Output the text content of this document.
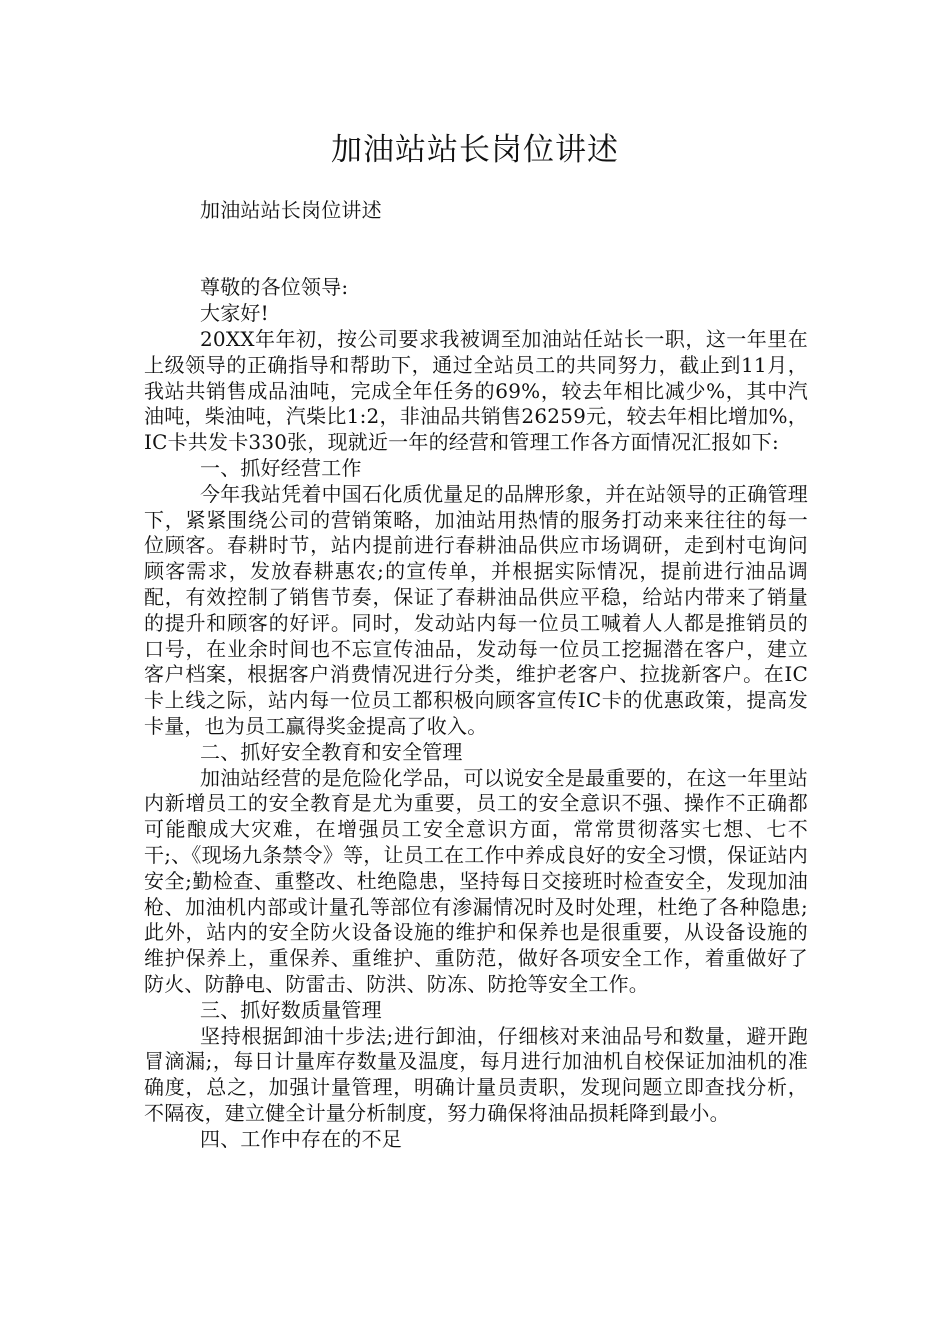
加油站站长岗位讲述

加油站站长岗位讲述

尊敬的各位领导:

大家好!

20XX年年初，按公司要求我被调至加油站任站长一职，这一年里在上级领导的正确指导和帮助下，通过全站员工的共同努力，截止到11月，我站共销售成品油吨，完成全年任务的69%，较去年相比减少%，其中汽油吨，柴油吨，汽柴比1:2，非油品共销售26259元，较去年相比增加%，IC卡共发卡330张，现就近一年的经营和管理工作各方面情况汇报如下:

一、抓好经营工作

今年我站凭着中国石化质优量足的品牌形象，并在站领导的正确管理下，紧紧围绕公司的营销策略，加油站用热情的服务打动来来往往的每一位顾客。春耕时节，站内提前进行春耕油品供应市场调研，走到村屯询问顾客需求，发放春耕惠农;的宣传单，并根据实际情况，提前进行油品调配，有效控制了销售节奏，保证了春耕油品供应平稳，给站内带来了销量的提升和顾客的好评。同时，发动站内每一位员工喊着人人都是推销员的口号，在业余时间也不忘宣传油品，发动每一位员工挖掘潜在客户，建立客户档案，根据客户消费情况进行分类，维护老客户、拉拢新客户。在IC卡上线之际，站内每一位员工都积极向顾客宣传IC卡的优惠政策，提高发卡量，也为员工赢得奖金提高了收入。

二、抓好安全教育和安全管理

加油站经营的是危险化学品，可以说安全是最重要的，在这一年里站内新增员工的安全教育是尤为重要，员工的安全意识不强、操作不正确都可能酿成大灾难，在增强员工安全意识方面，常常贯彻落实七想、七不干;、《现场九条禁令》等，让员工在工作中养成良好的安全习惯，保证站内安全;勤检查、重整改、杜绝隐患，坚持每日交接班时检查安全，发现加油枪、加油机内部或计量孔等部位有渗漏情况时及时处理，杜绝了各种隐患;此外，站内的安全防火设备设施的维护和保养也是很重要，从设备设施的维护保养上，重保养、重维护、重防范，做好各项安全工作，着重做好了防火、防静电、防雷击、防洪、防冻、防抢等安全工作。

三、抓好数质量管理

坚持根据卸油十步法;进行卸油，仔细核对来油品号和数量，避开跑冒滴漏;，每日计量库存数量及温度，每月进行加油机自校保证加油机的准确度，总之，加强计量管理，明确计量员责职，发现问题立即查找分析，不隔夜，建立健全计量分析制度，努力确保将油品损耗降到最小。

四、工作中存在的不足
